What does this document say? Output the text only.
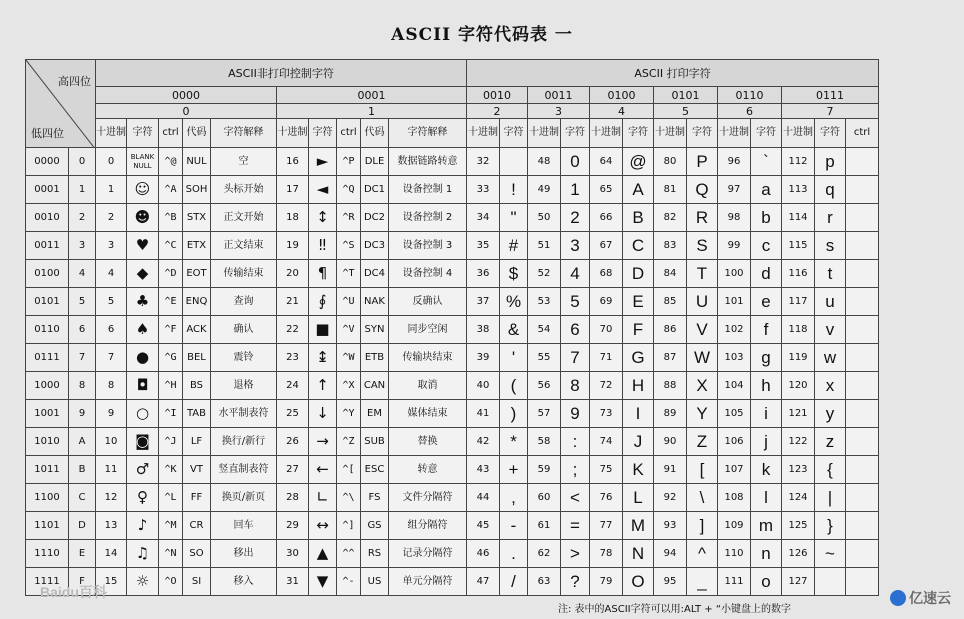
ASCII 字符代码表 一
高四位
低四位		ASCII非打印控制字符										ASCII 打印字符												
		0000					0001					0010		0011		0100		0101		0110		0111		
		0					1					2		3		4		5		6		7		
		十进制	字符	ctrl	代码	字符解释	十进制	字符	ctrl	代码	字符解释	十进制	字符	十进制	字符	十进制	字符	十进制	字符	十进制	字符	十进制	字符	ctrl
0000	0	0	BLANK NULL	^@	NUL	空	16	►	^P	DLE	数据链路转意	32		48	0	64	@	80	P	96	`	112	p	
0001	1	1	☺	^A	SOH	头标开始	17	◄	^Q	DC1	设备控制 1	33	!	49	1	65	A	81	Q	97	a	113	q	
0010	2	2	☻	^B	STX	正文开始	18	↕	^R	DC2	设备控制 2	34	"	50	2	66	B	82	R	98	b	114	r	
0011	3	3	♥	^C	ETX	正文结束	19	‼	^S	DC3	设备控制 3	35	#	51	3	67	C	83	S	99	c	115	s	
0100	4	4	◆	^D	EOT	传输结束	20	¶	^T	DC4	设备控制 4	36	$	52	4	68	D	84	T	100	d	116	t	
0101	5	5	♣	^E	ENQ	查询	21	∮	^U	NAK	反确认	37	%	53	5	69	E	85	U	101	e	117	u	
0110	6	6	♠	^F	ACK	确认	22	■	^V	SYN	同步空闲	38	&	54	6	70	F	86	V	102	f	118	v	
0111	7	7	●	^G	BEL	震铃	23	↨	^W	ETB	传输块结束	39	'	55	7	71	G	87	W	103	g	119	w	
1000	8	8	◘	^H	BS	退格	24	↑	^X	CAN	取消	40	(	56	8	72	H	88	X	104	h	120	x	
1001	9	9	○	^I	TAB	水平制表符	25	↓	^Y	EM	媒体结束	41	)	57	9	73	I	89	Y	105	i	121	y	
1010	A	10	◙	^J	LF	换行/新行	26	→	^Z	SUB	替换	42	*	58	:	74	J	90	Z	106	j	122	z	
1011	B	11	♂	^K	VT	竖直制表符	27	←	^[	ESC	转意	43	+	59	;	75	K	91	[	107	k	123	{	
1100	C	12	♀	^L	FF	换页/新页	28	∟	^\	FS	文件分隔符	44	,	60	<	76	L	92	\	108	l	124	|	
1101	D	13	♪	^M	CR	回车	29	↔	^]	GS	组分隔符	45	-	61	=	77	M	93	]	109	m	125	}	
1110	E	14	♫	^N	SO	移出	30	▲	^^	RS	记录分隔符	46	.	62	>	78	N	94	^	110	n	126	~	
1111	F	15	☼	^O	SI	移入	31	▼	^-	US	单元分隔符	47	/	63	?	79	O	95	_	111	o	127		
注: 表中的ASCII字符可以用:ALT + “小键盘上的数字
Baidu百科	亿速云
